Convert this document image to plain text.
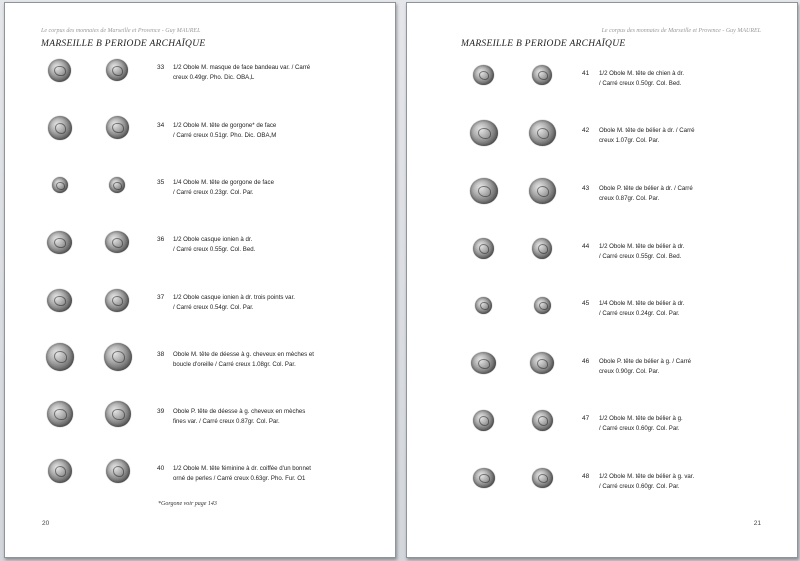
Le corpus des monnaies de Marseille et Provence - Guy MAUREL
MARSEILLE B PERIODE ARCHAÏQUE
33 1/2 Obole M. masque de face bandeau var. / Carré
creux 0.49gr. Pho. Dic. OBA,L
34 1/2 Obole M. tête de gorgone* de face
/ Carré creux 0.51gr. Pho. Dic. OBA,M
35 1/4 Obole M. tête de gorgone de face
/ Carré creux 0.23gr. Col. Par.
36 1/2 Obole casque ionien à dr.
/ Carré creux 0.55gr. Col. Bed.
37 1/2 Obole casque ionien à dr. trois points var.
/ Carré creux 0.54gr. Col. Par.
38 Obole M. tête de déesse à g. cheveux en mèches et
boucle d'oreille / Carré creux 1.08gr. Col. Par.
39 Obole P. tête de déesse à g. cheveux en mèches
fines var. / Carré creux 0.87gr. Col. Par.
40 1/2 Obole M. tête féminine à dr. coiffée d'un bonnet
orné de perles / Carré creux 0.63gr. Pho. Fur. O1
*Gorgone voir page 143
20
Le corpus des monnaies de Marseille et Provence - Guy MAUREL
MARSEILLE B PERIODE ARCHAÏQUE
41 1/2 Obole M. tête de chien à dr.
/ Carré creux 0.50gr. Col. Bed.
42 Obole M. tête de bélier à dr. / Carré
creux 1.07gr. Col. Par.
43 Obole P. tête de bélier à dr. / Carré
creux 0.87gr. Col. Par.
44 1/2 Obole M. tête de bélier à dr.
/ Carré creux 0.55gr. Col. Bed.
45 1/4 Obole M. tête de bélier à dr.
/ Carré creux 0.24gr. Col. Par.
46 Obole P. tête de bélier à g. / Carré
creux 0.90gr. Col. Par.
47 1/2 Obole M. tête de bélier à g.
/ Carré creux 0.60gr. Col. Par.
48 1/2 Obole M. tête de bélier à g. var.
/ Carré creux 0.60gr. Col. Par.
21
